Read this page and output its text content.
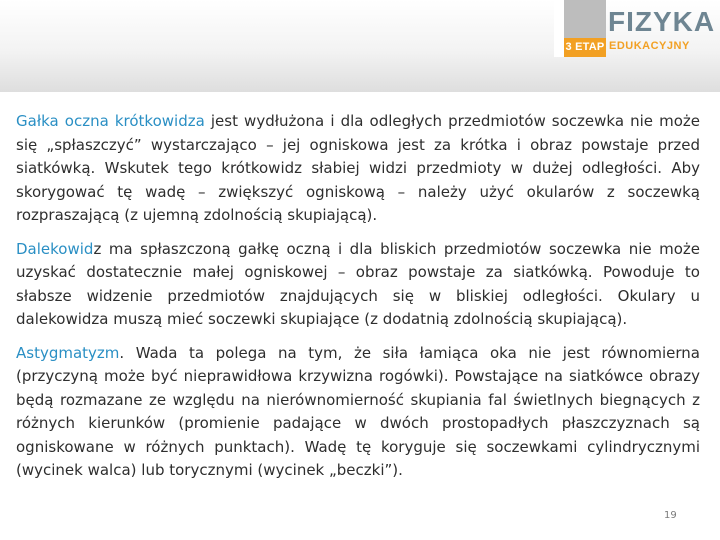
3 ETAP
FIZYKA
EDUKACYJNY

Gałka oczna krótkowidza jest wydłużona i dla odległych przedmiotów soczewka nie może się „spłaszczyć” wystarczająco – jej ogniskowa jest za krótka i obraz powstaje przed siatkówką. Wskutek tego krótkowidz słabiej widzi przedmioty w dużej odległości. Aby skorygować tę wadę – zwiększyć ogniskową – należy użyć okularów z soczewką rozpraszającą (z ujemną zdolnością skupiającą).

Dalekowidz ma spłaszczoną gałkę oczną i dla bliskich przedmiotów soczewka nie może uzyskać dostatecznie małej ogniskowej – obraz powstaje za siatkówką. Powoduje to słabsze widzenie przedmiotów znajdujących się w bliskiej odległości. Okulary u dalekowidza muszą mieć soczewki skupiające (z dodatnią zdolnością skupiającą).

Astygmatyzm. Wada ta polega na tym, że siła łamiąca oka nie jest równomierna (przyczyną może być nieprawidłowa krzywizna rogówki). Powstające na siatkówce obrazy będą rozmazane ze względu na nierównomierność skupiania fal świetlnych biegnących z różnych kierunków (promienie padające w dwóch prostopadłych płaszczyznach są ogniskowane w różnych punktach). Wadę tę koryguje się soczewkami cylindrycznymi (wycinek walca) lub torycznymi (wycinek „beczki”).

19
